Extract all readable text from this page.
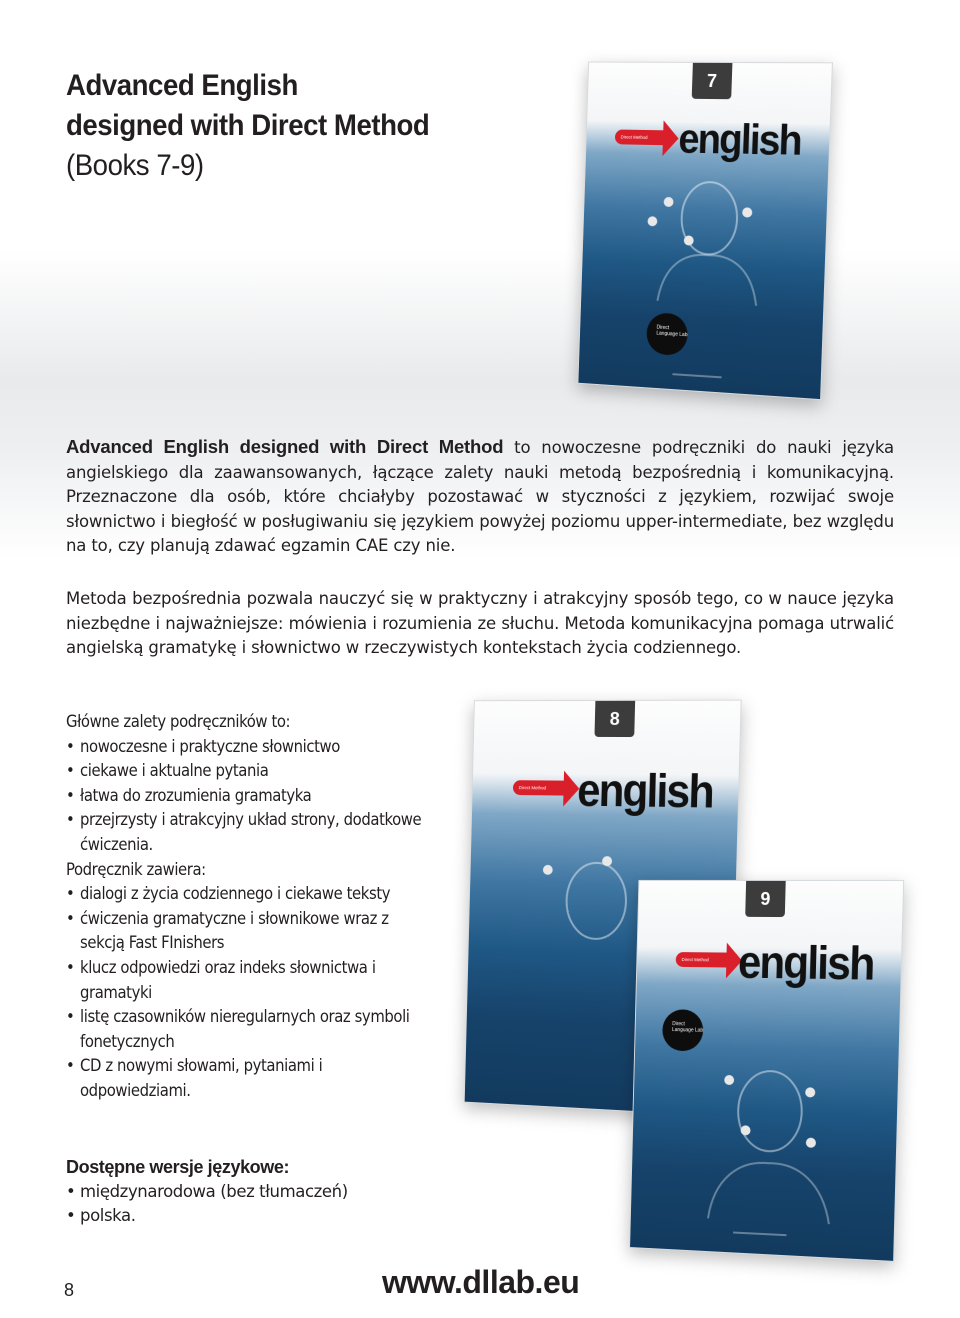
Advanced English
designed with Direct Method
(Books 7-9)
7
Direct Method english
Direct Language Lab

Advanced English designed with Direct Method to nowoczesne podręczniki do nauki języka angielskiego dla zaawansowanych, łączące zalety nauki metodą bezpośrednią i komunikacyjną. Przeznaczone dla osób, które chciałyby pozostawać w styczności z językiem, rozwijać swoje słownictwo i biegłość w posługiwaniu się językiem powyżej poziomu upper-intermediate, bez względu na to, czy planują zdawać egzamin CAE czy nie.

Metoda bezpośrednia pozwala nauczyć się w praktyczny i atrakcyjny sposób tego, co w nauce języka niezbędne i najważniejsze: mówienia i rozumienia ze słuchu. Metoda komunikacyjna pomaga utrwalić angielską gramatykę i słownictwo w rzeczywistych kontekstach życia codziennego.

Główne zalety podręczników to:

• nowoczesne i praktyczne słownictwo
• ciekawe i aktualne pytania
• łatwa do zrozumienia gramatyka
• przejrzysty i atrakcyjny układ strony, dodatkowe ćwiczenia.

Podręcznik zawiera:

• dialogi z życia codziennego i ciekawe teksty
• ćwiczenia gramatyczne i słownikowe wraz z sekcją Fast FInishers
• klucz odpowiedzi oraz indeks słownictwa i gramatyki
• listę czasowników nieregularnych oraz symboli fonetycznych
• CD z nowymi słowami, pytaniami i odpowiedziami.
8
Direct Method english
9
Direct Method english
Direct Language Lab

Dostępne wersje językowe:

• międzynarodowa (bez tłumaczeń)
• polska.
8	www.dllab.eu
